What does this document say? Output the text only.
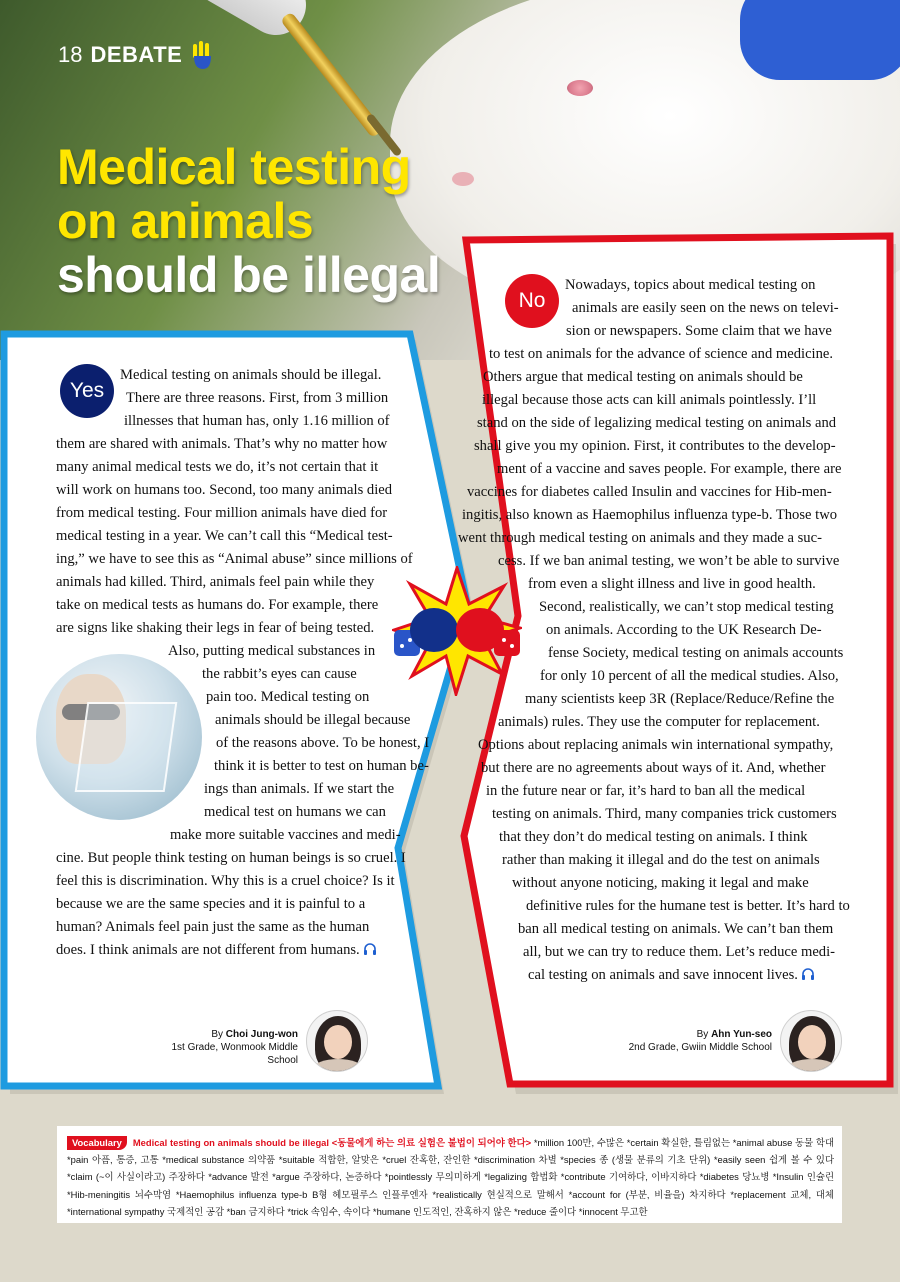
18 DEBATE
Medical testing
on animals
should be illegal
Yes
Medical testing on animals should be illegal.
There are three reasons. First, from 3 million
illnesses that human has, only 1.16 million of
them are shared with animals. That’s why no matter how
many animal medical tests we do, it’s not certain that it
will work on humans too. Second, too many animals died
from medical testing. Four million animals have died for
medical testing in a year. We can’t call this “Medical test-
ing,” we have to see this as “Animal abuse” since millions of
animals had killed. Third, animals feel pain while they
take on medical tests as humans do. For example, there
are signs like shaking their legs in fear of being tested.
Also, putting medical substances in
the rabbit’s eyes can cause
pain too. Medical testing on
animals should be illegal because
of the reasons above. To be honest, I
think it is better to test on human be-
ings than animals. If we start the
medical test on humans we can
make more suitable vaccines and medi-
cine. But people think testing on human beings is so cruel. I
feel this is discrimination. Why this is a cruel choice? Is it
because we are the same species and it is painful to a
human? Animals feel pain just the same as the human
does. I think animals are not different from humans.
By Choi Jung-won
1st Grade, Wonmook Middle School
No
Nowadays, topics about medical testing on
animals are easily seen on the news on televi-
sion or newspapers. Some claim that we have
to test on animals for the advance of science and medicine.
Others argue that medical testing on animals should be
illegal because those acts can kill animals pointlessly. I’ll
stand on the side of legalizing medical testing on animals and
shall give you my opinion. First, it contributes to the develop-
ment of a vaccine and saves people. For example, there are
vaccines for diabetes called Insulin and vaccines for Hib-men-
ingitis, also known as Haemophilus influenza type-b. Those two
went through medical testing on animals and they made a suc-
cess. If we ban animal testing, we won’t be able to survive
from even a slight illness and live in good health.
Second, realistically, we can’t stop medical testing
on animals. According to the UK Research De-
fense Society, medical testing on animals accounts
for only 10 percent of all the medical studies. Also,
many scientists keep 3R (Replace/Reduce/Refine the
animals) rules. They use the computer for replacement.
Options about replacing animals win international sympathy,
but there are no agreements about ways of it. And, whether
in the future near or far, it’s hard to ban all the medical
testing on animals. Third, many companies trick customers
that they don’t do medical testing on animals. I think
rather than making it illegal and do the test on animals
without anyone noticing, making it legal and make
definitive rules for the humane test is better. It’s hard to
ban all medical testing on animals. We can’t ban them
all, but we can try to reduce them. Let’s reduce medi-
cal testing on animals and save innocent lives.
By Ahn Yun-seo
2nd Grade, Gwiin Middle School
Vocabulary Medical testing on animals should be illegal <동물에게 하는 의료 실험은 불법이 되어야 한다> *million 100만, 수많은 *certain 확실한, 틀림없는 *animal abuse 동물 학대 *pain 아픔, 통증, 고통 *medical substance 의약품 *suitable 적합한, 알맞은 *cruel 잔혹한, 잔인한 *discrimination 차별 *species 종 (생물 분류의 기초 단위) *easily seen 쉽게 볼 수 있다 *claim (~이 사실이라고) 주장하다 *advance 발전 *argue 주장하다, 논증하다 *pointlessly 무의미하게 *legalizing 합법화 *contribute 기여하다, 이바지하다 *diabetes 당뇨병 *Insulin 인슐린 *Hib-meningitis 뇌수막염 *Haemophilus influenza type-b B형 헤모필루스 인플루엔자 *realistically 현실적으로 말해서 *account for (부분, 비율을) 차지하다 *replacement 교체, 대체 *international sympathy 국제적인 공감 *ban 금지하다 *trick 속임수, 속이다 *humane 인도적인, 잔혹하지 않은 *reduce 줄이다 *innocent 무고한
